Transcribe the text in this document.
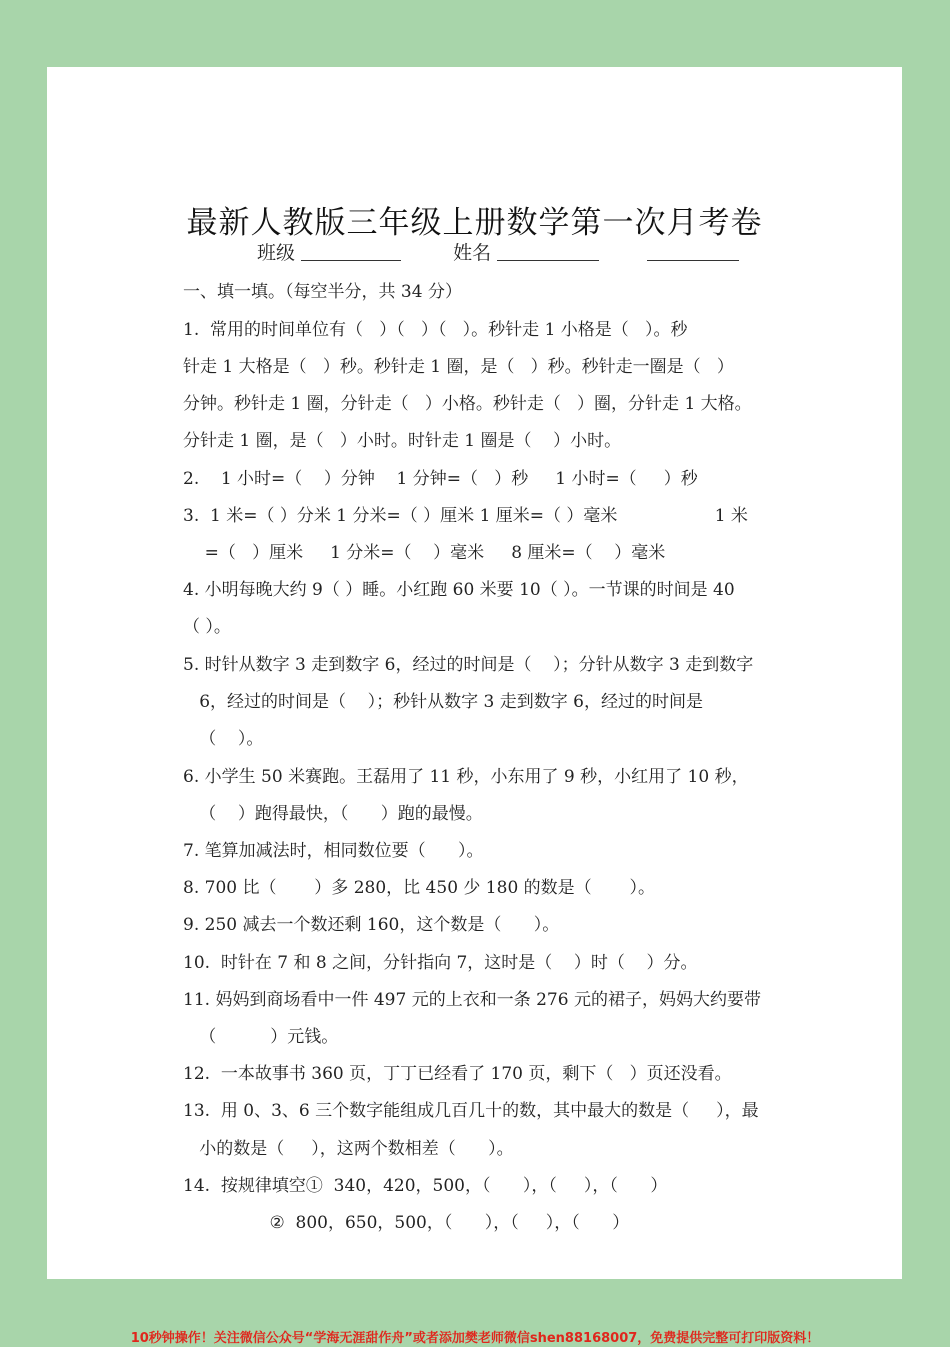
最新人教版三年级上册数学第一次月考卷
班级	姓名
一、填一填。（每空半分，共 34 分）
1.  常用的时间单位有（   ）（   ）（   ）。秒针走 1 小格是（   ）。秒
针走 1 大格是（   ）秒。秒针走 1 圈，是（   ）秒。秒针走一圈是（   ）
分钟。秒针走 1 圈，分针走（   ）小格。秒针走（   ）圈，分针走 1 大格。
分针走 1 圈，是（   ）小时。时针走 1 圈是（    ）小时。
2.    1 小时=（    ）分钟    1 分钟=（   ）秒     1 小时=（     ）秒
3.  1 米=（ ）分米 1 分米=（ ）厘米 1 厘米=（ ）毫米                  1 米
=（   ）厘米     1 分米=（    ）毫米     8 厘米=（    ）毫米
4. 小明每晚大约 9（ ）睡。小红跑 60 米要 10（ ）。一节课的时间是 40
（ ）。
5. 时针从数字 3 走到数字 6，经过的时间是（    ）；分针从数字 3 走到数字
6，经过的时间是（    ）；秒针从数字 3 走到数字 6，经过的时间是
（    ）。
6. 小学生 50 米赛跑。王磊用了 11 秒，小东用了 9 秒，小红用了 10 秒，
（    ）跑得最快，（      ）跑的最慢。
7. 笔算加减法时，相同数位要（      ）。
8. 700 比（       ）多 280，比 450 少 180 的数是（       ）。
9. 250 减去一个数还剩 160，这个数是（      ）。
10.  时针在 7 和 8 之间，分针指向 7，这时是（    ）时（    ）分。
11. 妈妈到商场看中一件 497 元的上衣和一条 276 元的裙子，妈妈大约要带
（          ）元钱。
12.  一本故事书 360 页，丁丁已经看了 170 页，剩下（   ）页还没看。
13.  用 0、3、6 三个数字能组成几百几十的数，其中最大的数是（     ），最
小的数是（     ），这两个数相差（      ）。
14.  按规律填空①  340，420，500，（      ），（     ），（      ）
②  800，650，500，（      ），（     ），（      ）
10秒钟操作！关注微信公众号“学海无涯甜作舟”或者添加樊老师微信shen88168007，免费提供完整可打印版资料！
